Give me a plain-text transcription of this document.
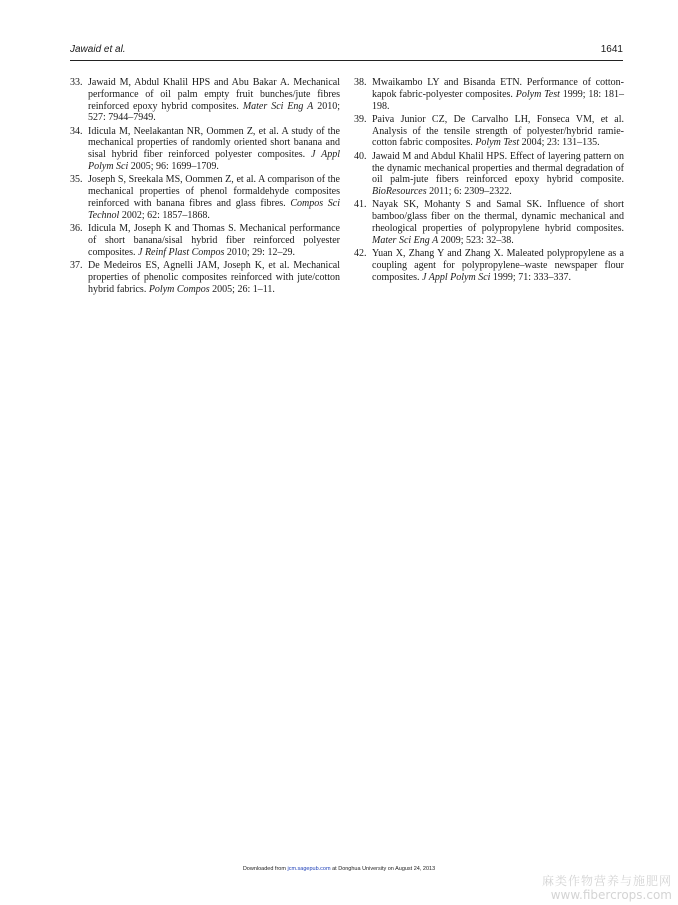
Jawaid et al.	1641
33. Jawaid M, Abdul Khalil HPS and Abu Bakar A. Mechanical performance of oil palm empty fruit bunches/jute fibres reinforced epoxy hybrid composites. Mater Sci Eng A 2010; 527: 7944–7949.
34. Idicula M, Neelakantan NR, Oommen Z, et al. A study of the mechanical properties of randomly oriented short banana and sisal hybrid fiber reinforced polyester composites. J Appl Polym Sci 2005; 96: 1699–1709.
35. Joseph S, Sreekala MS, Oommen Z, et al. A comparison of the mechanical properties of phenol formaldehyde composites reinforced with banana fibres and glass fibres. Compos Sci Technol 2002; 62: 1857–1868.
36. Idicula M, Joseph K and Thomas S. Mechanical performance of short banana/sisal hybrid fiber reinforced polyester composites. J Reinf Plast Compos 2010; 29: 12–29.
37. De Medeiros ES, Agnelli JAM, Joseph K, et al. Mechanical properties of phenolic composites reinforced with jute/cotton hybrid fabrics. Polym Compos 2005; 26: 1–11.
38. Mwaikambo LY and Bisanda ETN. Performance of cotton-kapok fabric-polyester composites. Polym Test 1999; 18: 181–198.
39. Paiva Junior CZ, De Carvalho LH, Fonseca VM, et al. Analysis of the tensile strength of polyester/hybrid ramie-cotton fabric composites. Polym Test 2004; 23: 131–135.
40. Jawaid M and Abdul Khalil HPS. Effect of layering pattern on the dynamic mechanical properties and thermal degradation of oil palm-jute fibers reinforced epoxy hybrid composite. BioResources 2011; 6: 2309–2322.
41. Nayak SK, Mohanty S and Samal SK. Influence of short bamboo/glass fiber on the thermal, dynamic mechanical and rheological properties of polypropylene hybrid composites. Mater Sci Eng A 2009; 523: 32–38.
42. Yuan X, Zhang Y and Zhang X. Maleated polypropylene as a coupling agent for polypropylene–waste newspaper flour composites. J Appl Polym Sci 1999; 71: 333–337.
Downloaded from jcm.sagepub.com at Donghua University on August 24, 2013
麻类作物营养与施肥网
www.fibercrops.com
